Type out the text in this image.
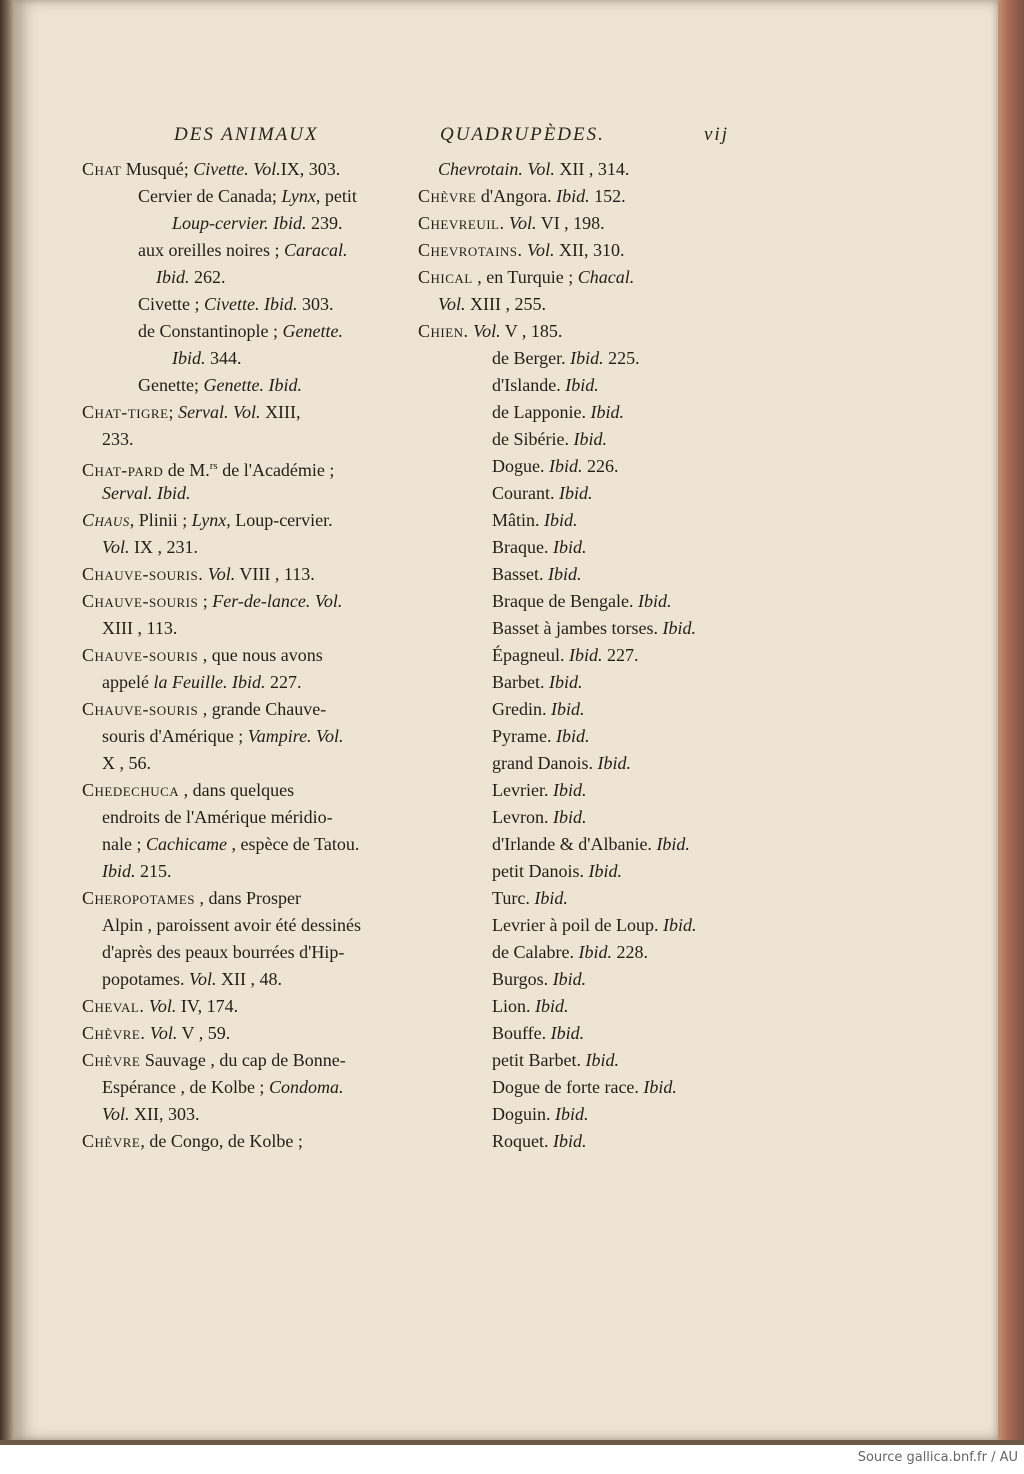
DES ANIMAUX	QUADRUPÈDES.	vij
Chat Musqué; Civette. Vol.IX, 303.
Cervier de Canada; Lynx, petit
Loup-cervier. Ibid. 239.
aux oreilles noires ; Caracal.
Ibid. 262.
Civette ; Civette. Ibid. 303.
de Constantinople ; Genette.
Ibid. 344.
Genette; Genette. Ibid.
Chat-tigre; Serval. Vol. XIII,
233.
Chat-pard de M.$^{rs}$ de l'Académie ;
Serval. Ibid.
Chaus, Plinii ; Lynx, Loup-cervier.
Vol. IX , 231.
Chauve-souris. Vol. VIII , 113.
Chauve-souris ; Fer-de-lance. Vol.
XIII , 113.
Chauve-souris , que nous avons
appelé la Feuille. Ibid. 227.
Chauve-souris , grande Chauve-
souris d'Amérique ; Vampire. Vol.
X , 56.
Chedechuca , dans quelques
endroits de l'Amérique méridio-
nale ; Cachicame , espèce de Tatou.
Ibid. 215.
Cheropotames , dans Prosper
Alpin , paroissent avoir été dessinés
d'après des peaux bourrées d'Hip-
popotames. Vol. XII , 48.
Cheval. Vol. IV, 174.
Chèvre. Vol. V , 59.
Chèvre Sauvage , du cap de Bonne-
Espérance , de Kolbe ; Condoma.
Vol. XII, 303.
Chèvre, de Congo, de Kolbe ;
Chevrotain. Vol. XII , 314.
Chèvre d'Angora. Ibid. 152.
Chevreuil. Vol. VI , 198.
Chevrotains. Vol. XII, 310.
Chical , en Turquie ; Chacal.
Vol. XIII , 255.
Chien. Vol. V , 185.
de Berger. Ibid. 225.
d'Islande. Ibid.
de Lapponie. Ibid.
de Sibérie. Ibid.
Dogue. Ibid. 226.
Courant. Ibid.
Mâtin. Ibid.
Braque. Ibid.
Basset. Ibid.
Braque de Bengale. Ibid.
Basset à jambes torses. Ibid.
Épagneul. Ibid. 227.
Barbet. Ibid.
Gredin. Ibid.
Pyrame. Ibid.
grand Danois. Ibid.
Levrier. Ibid.
Levron. Ibid.
d'Irlande & d'Albanie. Ibid.
petit Danois. Ibid.
Turc. Ibid.
Levrier à poil de Loup. Ibid.
de Calabre. Ibid. 228.
Burgos. Ibid.
Lion. Ibid.
Bouffe. Ibid.
petit Barbet. Ibid.
Dogue de forte race. Ibid.
Doguin. Ibid.
Roquet. Ibid.
Source gallica.bnf.fr / AU
